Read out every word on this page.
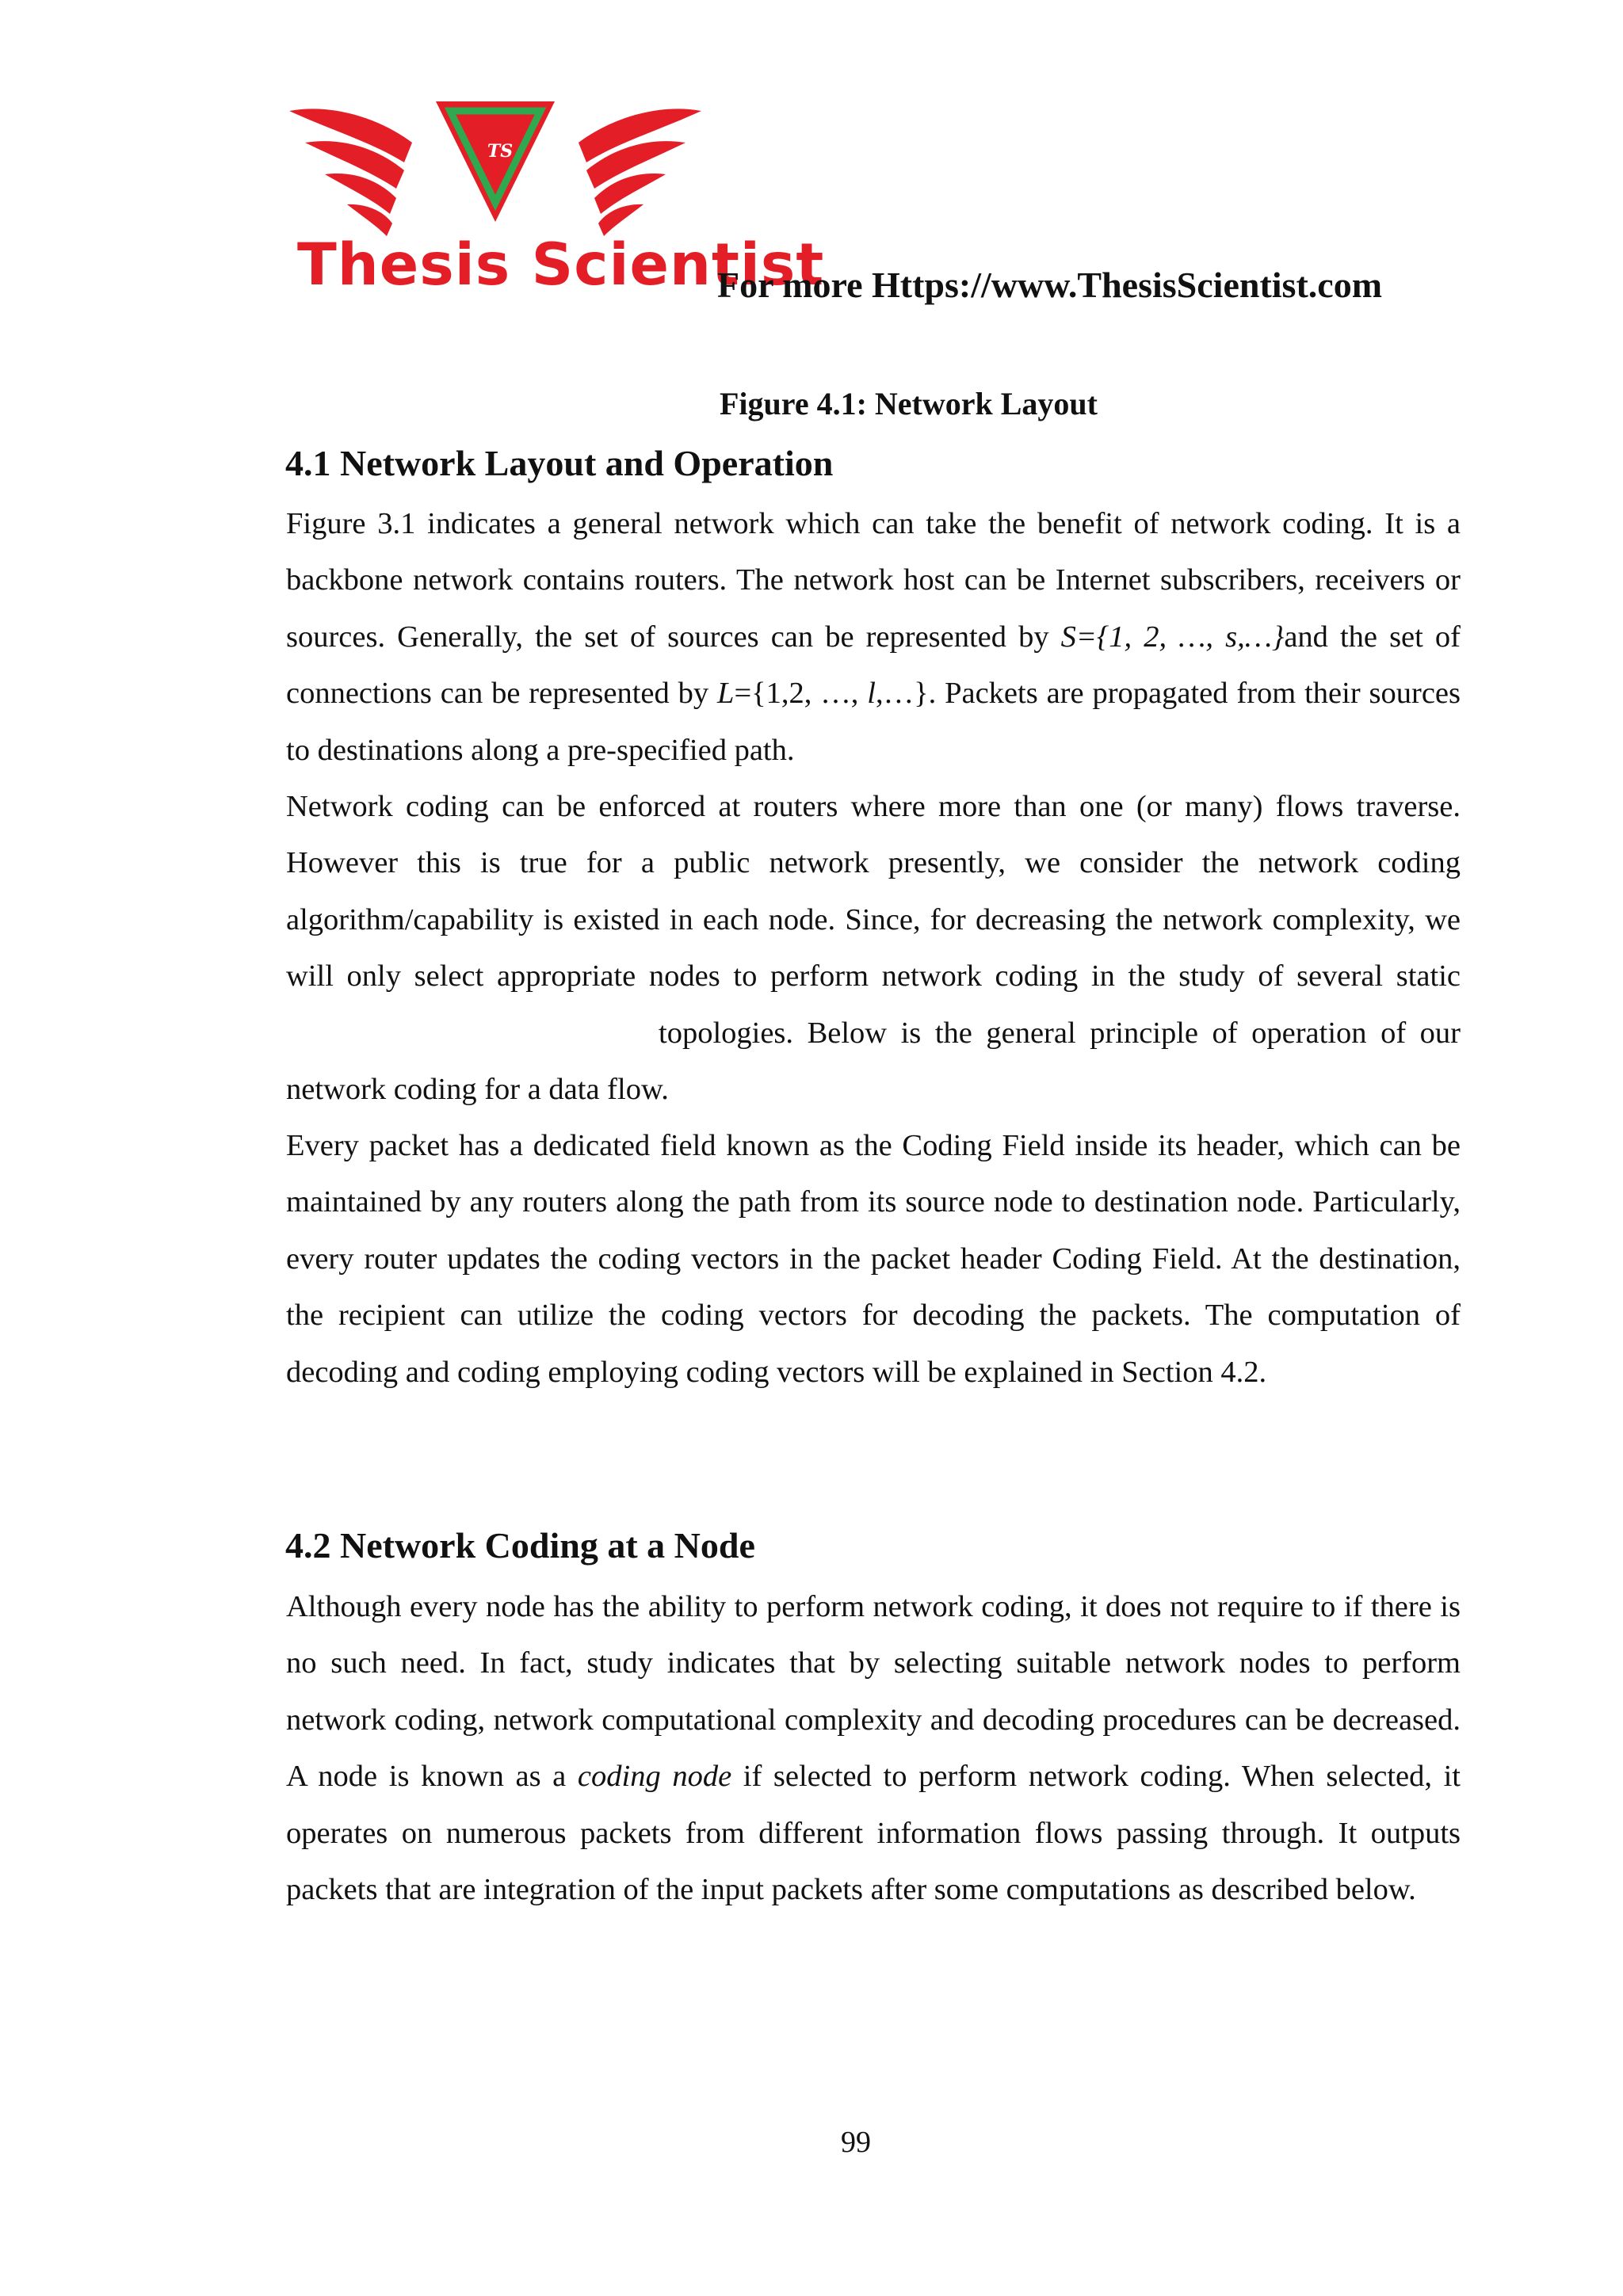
Thesis Scientist
TS
For more Https://www.ThesisScientist.com
Figure 4.1: Network Layout
4.1 Network Layout and Operation

Figure 3.1 indicates a general network which can take the benefit of network coding. It is a backbone network contains routers. The network host can be Internet subscribers, receivers or sources. Generally, the set of sources can be represented by S={1, 2, …, s,…}and the set of connections can be represented by L={1,2, …, l,…}. Packets are propagated from their sources to destinations along a pre-specified path.

Network coding can be enforced at routers where more than one (or many) flows traverse. However this is true for a public network presently, we consider the network coding algorithm/capability is existed in each node. Since, for decreasing the network complexity, we will only select appropriate nodes to perform network coding in the study of several statictopologies. Below is the general principle of operation of our network coding for a data flow.

Every packet has a dedicated field known as the Coding Field inside its header, which can be maintained by any routers along the path from its source node to destination node. Particularly, every router updates the coding vectors in the packet header Coding Field. At the destination, the recipient can utilize the coding vectors for decoding the packets. The computation of decoding and coding employing coding vectors will be explained in Section 4.2.

4.2 Network Coding at a Node

Although every node has the ability to perform network coding, it does not require to if there is no such need. In fact, study indicates that by selecting suitable network nodes to perform network coding, network computational complexity and decoding procedures can be decreased. A node is known as a coding node if selected to perform network coding. When selected, it operates on numerous packets from different information flows passing through. It outputs packets that are integration of the input packets after some computations as described below.

99
